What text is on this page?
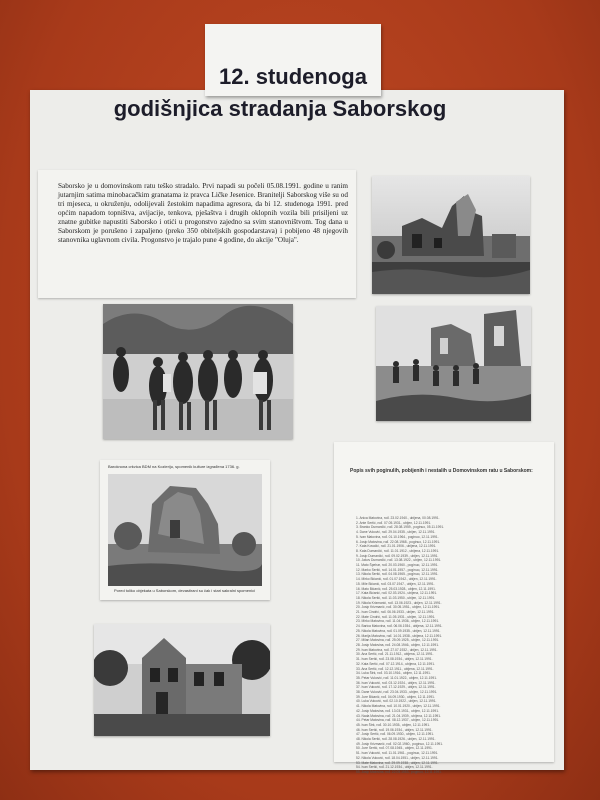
12. studenoga
godišnjica stradanja Saborskog
Saborsko je u domovinskom ratu teško stradalo. Prvi napadi su počeli 05.08.1991. godine u ranim jutarnjim satima minobacačkim granatama iz pravca Ličke Jesenice. Branitelji Saborskog više su od tri mjeseca, u okruženju, odolijevali žestokim napadima agresora, da bi 12. studenoga 1991. pred općim napadom topništva, avijacije, tenkova, pješaštva i drugih oklopnih vozila bili prisiljeni uz znatne gubitke napustiti Saborsko i otići u progonstvo zajedno sa svim stanovništvom. Tog dana u Saborskom je porušeno i zapaljeno (preko 350 obiteljskih gospodarstava) i pobijeno 48 njegovih stanovnika uglavnom civila. Progonstvo je trajalo pune 4 godine, do akcije "Oluja".
Baroknona crkvica BDM na Kozleriju, spomenik kulture izgrađena 1736. g.
Pored toliko objekata u Saborskom, devastirani su čak i stari sakralni spomenici
Popis svih poginulih, pobijenih i nestalih u Domovinskom ratu u Saborskom:
1. Anica Matovina, rođ. 23.02.1940., ubijena, 00.08.1991.
2. Ante Sertić, rođ. 07.05.1931., ubijen, 12.11.1991.
3. Branko Dumančić, rođ. 28.08.1959., poginuo, 05.11.1991.
4. Dane Vuković, rođ. 29.04.1935., ubijen, 12.11.1991.
5. Ivan Matovina, rođ. 01.10.1964., poginuo, 12.11.1991.
6. Josip Matovina, rođ. 22.08.1968., poginuo, 12.11.1991.
7. Kata Kovačić, rođ. 21.01.1906., ubijena, 12.11.1991.
8. Kata Dumančić, rođ. 11.01.1912., ubijena, 12.11.1991.
9. Josip Dumančić, rođ. 09.02.1939., ubijen, 12.11.1991.
10. Jakov Dumančić, rođ. 13.08.1922., ubijen, 12.11.1991.
11. Mato Špehar, rođ. 20.03.1960., poginuo, 12.11.1991.
12. Marko Sertić, rođ. 14.01.1957., poginuo, 12.11.1991.
13. Nikola Sertić, rođ. 04.08.1965., poginuo, 12.11.1991.
14. Mirko Bićanić, rođ. 01.07.1942., ubijen, 12.11.1991.
15. Mile Bićanić, rođ. 03.07.1947., ubijen, 12.11.1991.
16. Mato Bićanić, rođ. 25.03.1928., ubijen, 12.11.1991.
17. Kata Bićanić, rođ. 02.03.1924., ubijena, 12.11.1991.
18. Nikola Sertić, rođ. 11.03.1950., ubijen, 12.11.1991.
19. Nikola Krizmanić, rođ. 13.06.1923., ubijen, 12.11.1991.
20. Josip Krizmanić, rođ. 30.05.1951., ubijen, 12.11.1991.
21. Ivan Cindrić, rođ. 06.06.1933., ubijen, 12.11.1991.
22. Mate Cindrić, rođ. 11.05.1931., ubijen, 12.11.1991.
23. Mirko Matovina, rođ. 11.04.1936., ubijen, 12.11.1991.
24. Barica Matovina, rođ. 06.06.1934., ubijena, 12.11.1991.
25. Nikola Matovina, rođ. 01.09.1935., ubijen, 12.11.1991.
26. Marija Matovina, rođ. 14.01.1938., ubijena, 12.11.1991.
27. Milan Matovina, rođ. 25.09.1925., ubijen, 12.11.1991.
28. Josip Matovina, rođ. 24.08.1946., ubijen, 12.11.1991.
29. Ivan Matovina, rođ. 27.07.1932., ubijen, 12.11.1991.
30. Ana Sertić, rođ. 21.11.1912., ubijena, 12.11.1991.
31. Ivan Sertić, rođ. 23.08.1934., ubijen, 12.11.1991.
32. Kata Sertić, rođ. 07.12.1914., ubijena, 12.11.1991.
33. Ana Sertić, rođ. 12.12.1911., ubijena, 12.11.1991.
34. Luka Štrk, rođ. 03.10.1916., ubijen, 12.11.1991.
35. Petar Vuković, rođ. 11.01.1922., ubijen, 12.11.1991.
36. Ivan Vuković, rođ. 03.12.1924., ubijen, 12.11.1991.
37. Ivan Vuković, rođ. 17.12.1929., ubijen, 12.11.1991.
38. Dane Vuković, rođ. 23.04.1933., ubijen, 12.11.1991.
39. Jure Bićanić, rođ. 04.09.1930., ubijen, 12.11.1991.
40. Luka Vuković, rođ. 02.10.1922., ubijen, 12.11.1991.
41. Nikola Matovina, rođ. 10.01.1920., ubijen, 12.11.1991.
42. Josip Matovina, rođ. 13.03.1931., ubijen, 12.11.1991.
43. Nada Matovina, rođ. 21.04.1939., ubijena, 12.11.1991.
44. Petar Matovina, rođ. 08.12.1937., ubijen, 12.11.1991.
45. Ivan Štrk, rođ. 30.10.1935., ubijen, 12.11.1991.
46. Ivan Sertić, rođ. 19.06.1934., ubijen, 12.11.1991.
47. Josip Sertić, rođ. 06.09.1930., ubijen, 12.11.1991.
48. Nikola Sertić, rođ. 28.08.1926., ubijen, 12.11.1991.
49. Josip Krizmanić, rođ. 02.02.1960., poginuo, 12.11.1991.
50. Jure Sertić, rođ. 07.08.1945., ubijen, 12.11.1991.
51. Ivan Vuković, rođ. 11.01.1961., poginuo, 12.11.1991.
52. Nikola Vuković, rođ. 18.04.1951., ubijen, 12.11.1991.
53. Mate Matovina, rođ. 29.09.1938., ubijen, 12.11.1991.
54. Ivan Sertić, rođ. 21.12.1934., ubijen, 12.11.1991.
55. Josip Matovina, rođ. 22.05.1953., poginuo, 12.11.1991.
